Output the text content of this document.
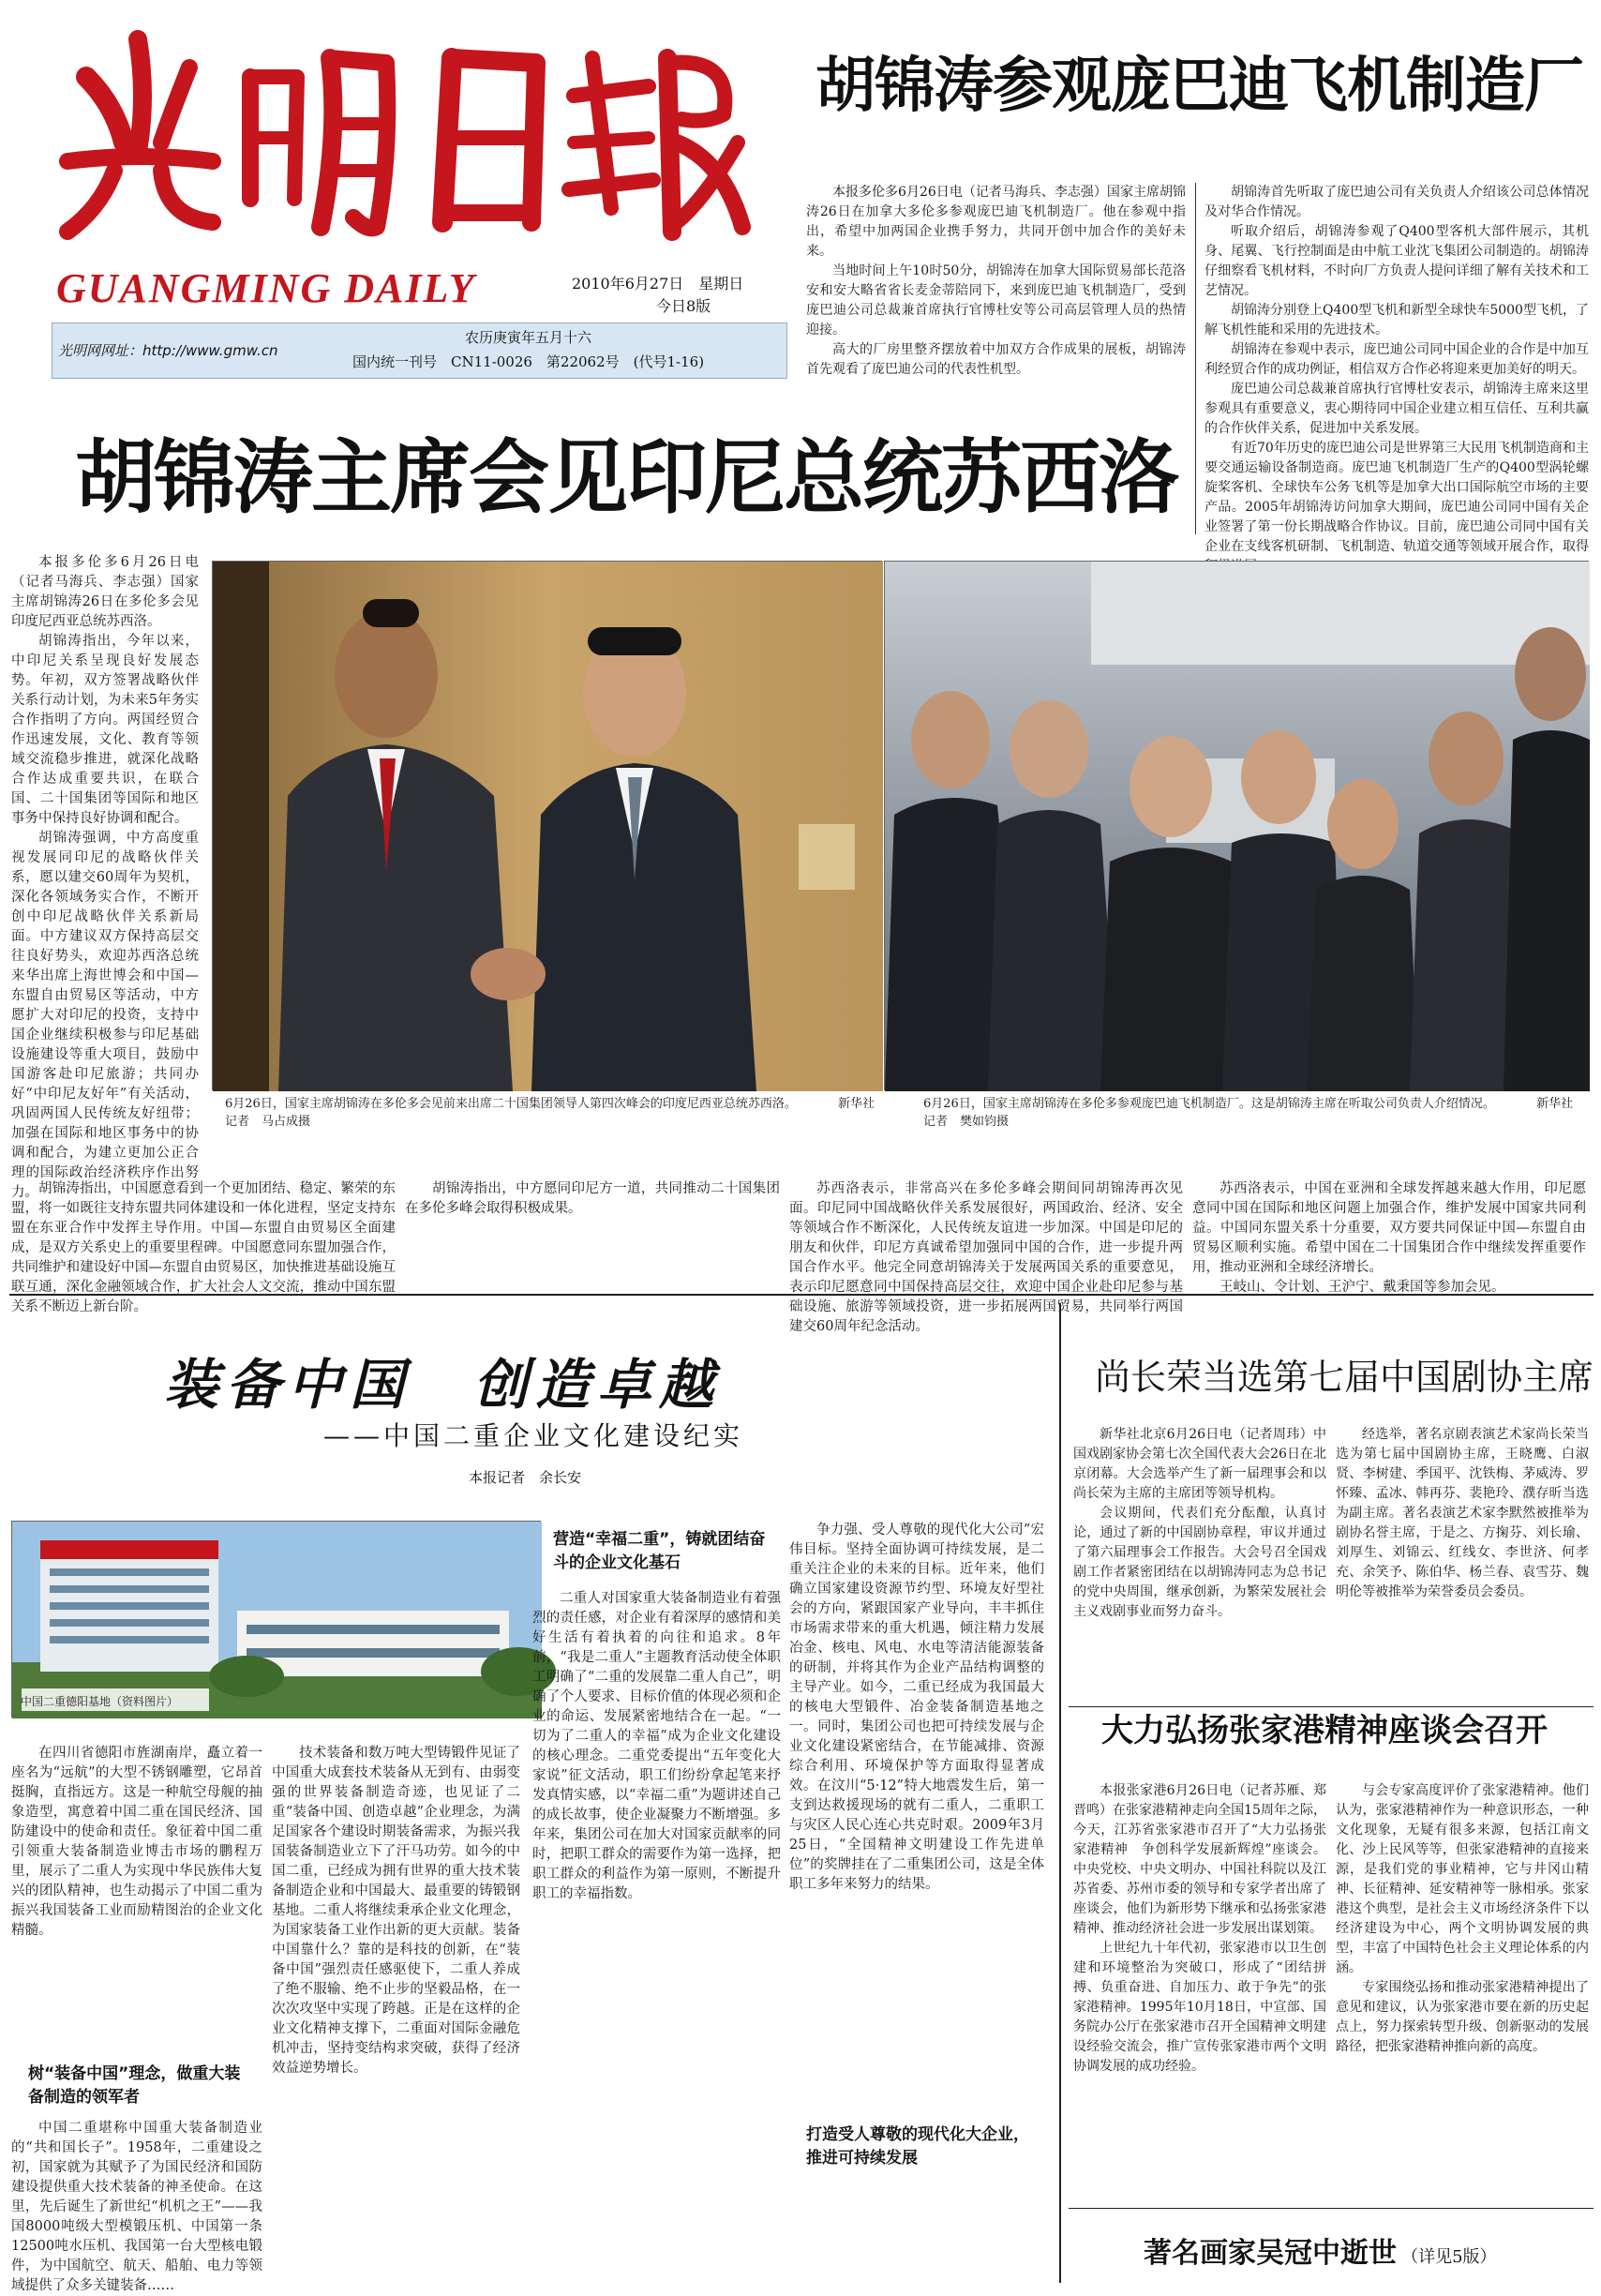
GUANGMING DAILY	2010年6月27日　星期日
今日8版
光明网网址：http://www.gmw.cn
农历庚寅年五月十六
国内统一刊号　CN11-0026　第22062号　(代号1-16)
胡锦涛参观庞巴迪飞机制造厂

本报多伦多6月26日电（记者马海兵、李志强）国家主席胡锦涛26日在加拿大多伦多参观庞巴迪飞机制造厂。他在参观中指出，希望中加两国企业携手努力，共同开创中加合作的美好未来。

当地时间上午10时50分，胡锦涛在加拿大国际贸易部长范洛安和安大略省省长麦金蒂陪同下，来到庞巴迪飞机制造厂，受到庞巴迪公司总裁兼首席执行官博杜安等公司高层管理人员的热情迎接。

高大的厂房里整齐摆放着中加双方合作成果的展板，胡锦涛首先观看了庞巴迪公司的代表性机型。

胡锦涛首先听取了庞巴迪公司有关负责人介绍该公司总体情况及对华合作情况。

听取介绍后，胡锦涛参观了Q400型客机大部件展示，其机身、尾翼、飞行控制面是由中航工业沈飞集团公司制造的。胡锦涛仔细察看飞机材料，不时向厂方负责人提问详细了解有关技术和工艺情况。

胡锦涛分别登上Q400型飞机和新型全球快车5000型飞机，了解飞机性能和采用的先进技术。

胡锦涛在参观中表示，庞巴迪公司同中国企业的合作是中加互利经贸合作的成功例证，相信双方合作必将迎来更加美好的明天。

庞巴迪公司总裁兼首席执行官博杜安表示，胡锦涛主席来这里参观具有重要意义，衷心期待同中国企业建立相互信任、互利共赢的合作伙伴关系，促进加中关系发展。

有近70年历史的庞巴迪公司是世界第三大民用飞机制造商和主要交通运输设备制造商。庞巴迪飞机制造厂生产的Q400型涡轮螺旋桨客机、全球快车公务飞机等是加拿大出口国际航空市场的主要产品。2005年胡锦涛访问加拿大期间，庞巴迪公司同中国有关企业签署了第一份长期战略合作协议。目前，庞巴迪公司同中国有关企业在支线客机研制、飞机制造、轨道交通等领域开展合作，取得

胡锦涛主席会见印尼总统苏西洛

本报多伦多6月26日电（记者马海兵、李志强）国家主席胡锦涛26日在多伦多会见印度尼西亚总统苏西洛。

胡锦涛指出，今年以来，中印尼关系呈现良好发展态势。年初，双方签署战略伙伴关系行动计划，为未来5年务实合作指明了方向。两国经贸合作迅速发展，文化、教育等领域交流稳步推进，就深化战略合作达成重要共识，在联合国、二十国集团等国际和地区事务中保持良好协调和配合。

胡锦涛强调，中方高度重视发展同印尼的战略伙伴关系，愿以建交60周年为契机，深化各领域务实合作，不断开创中印尼战略伙伴关系新局面。中方建议双方保持高层交往良好势头，欢迎苏西洛总统来华出席上海世博会和中国—东盟自由贸易区等活动，中方愿扩大对印尼的投资，支持中国企业继续积极参与印尼基础设施建设等重大项目，鼓励中国游客赴印尼旅游；共同办好“中印尼友好年”有关活动，巩固两国人民传统友好纽带；加强在国际和地区事务中的协调和配合，为建立更加公正合理的国际政治经济秩序作出努力。

6月26日，国家主席胡锦涛在多伦多会见前来出席二十国集团领导人第四次峰会的印度尼西亚总统苏西洛。	新华社记者　马占成摄
6月26日，国家主席胡锦涛在多伦多参观庞巴迪飞机制造厂。这是胡锦涛主席在听取公司负责人介绍情况。	新华社记者　樊如钧摄

胡锦涛指出，中国愿意看到一个更加团结、稳定、繁荣的东盟，将一如既往支持东盟共同体建设和一体化进程，坚定支持东盟在东亚合作中发挥主导作用。中国—东盟自由贸易区全面建成，是双方关系史上的重要里程碑。中国愿意同东盟加强合作，共同维护和建设好中国—东盟自由贸易区，加快推进基础设施互联互通，深化金融领域合作，扩大社会人文交流，推动中国东盟关系不断迈上新台阶。

胡锦涛指出，中方愿同印尼方一道，共同推动二十国集团在多伦多峰会取得积极成果。

苏西洛表示，非常高兴在多伦多峰会期间同胡锦涛再次见面。印尼同中国战略伙伴关系发展很好，两国政治、经济、安全等领域合作不断深化，人民传统友谊进一步加深。中国是印尼的朋友和伙伴，印尼方真诚希望加强同中国的合作，进一步提升两国合作水平。他完全同意胡锦涛关于发展两国关系的重要意见，表示印尼愿意同中国保持高层交往，欢迎中国企业赴印尼参与基础设施、旅游等领域投资，进一步拓展两国贸易，共同举行两国建交60周年纪念活动。

苏西洛表示，中国在亚洲和全球发挥越来越大作用，印尼愿意同中国在国际和地区问题上加强合作，维护发展中国家共同利益。中国同东盟关系十分重要，双方要共同保证中国—东盟自由贸易区顺利实施。希望中国在二十国集团合作中继续发挥重要作用，推动亚洲和全球经济增长。

王岐山、令计划、王沪宁、戴秉国等参加会见。

装备中国　创造卓越
——中国二重企业文化建设纪实
本报记者　余长安
中国二重德阳基地（资料图片）

在四川省德阳市旌湖南岸，矗立着一座名为“远航”的大型不锈钢雕塑，它昂首挺胸，直指远方。这是一种航空母舰的抽象造型，寓意着中国二重在国民经济、国防建设中的使命和责任。象征着中国二重引领重大装备制造业博击市场的鹏程万里，展示了二重人为实现中华民族伟大复兴的团队精神，也生动揭示了中国二重为振兴我国装备工业而励精图治的企业文化精髓。

树“装备中国”理念，做重大装备制造的领军者

中国二重堪称中国重大装备制造业的“共和国长子”。1958年，二重建设之初，国家就为其赋予了为国民经济和国防建设提供重大技术装备的神圣使命。在这里，先后诞生了新世纪“机机之王”——我国8000吨级大型模锻压机、中国第一条12500吨水压机、我国第一台大型核电锻件，为中国航空、航天、船舶、电力等领域提供了众多关键装备……

技术装备和数万吨大型铸锻件见证了中国重大成套技术装备从无到有、由弱变强的世界装备制造奇迹，也见证了二重“装备中国、创造卓越”企业理念，为满足国家各个建设时期装备需求，为振兴我国装备制造业立下了汗马功劳。如今的中国二重，已经成为拥有世界的重大技术装备制造企业和中国最大、最重要的铸锻钢基地。二重人将继续秉承企业文化理念，为国家装备工业作出新的更大贡献。装备中国靠什么？靠的是科技的创新，在“装备中国”强烈责任感驱使下，二重人养成了绝不服输、绝不止步的坚毅品格，在一次次攻坚中实现了跨越。正是在这样的企业文化精神支撑下，二重面对国际金融危机冲击，坚持变结构求突破，获得了经济效益逆势增长。

营造“幸福二重”，铸就团结奋斗的企业文化基石

二重人对国家重大装备制造业有着强烈的责任感，对企业有着深厚的感情和美好生活有着执着的向往和追求。8年前，“我是二重人”主题教育活动使全体职工明确了“二重的发展靠二重人自己”，明确了个人要求、目标价值的体现必须和企业的命运、发展紧密地结合在一起。“一切为了二重人的幸福”成为企业文化建设的核心理念。二重党委提出“五年变化大家说”征文活动，职工们纷纷拿起笔来抒发真情实感，以“幸福二重”为题讲述自己的成长故事，使企业凝聚力不断增强。多年来，集团公司在加大对国家贡献率的同时，把职工群众的需要作为第一选择，把职工群众的利益作为第一原则，不断提升职工的幸福指数。

争力强、受人尊敬的现代化大公司”宏伟目标。坚持全面协调可持续发展，是二重关注企业的未来的目标。近年来，他们确立国家建设资源节约型、环境友好型社会的方向，紧跟国家产业导向，丰丰抓住市场需求带来的重大机遇，倾注精力发展冶金、核电、风电、水电等清洁能源装备的研制，并将其作为企业产品结构调整的主导产业。如今，二重已经成为我国最大的核电大型锻件、冶金装备制造基地之一。同时，集团公司也把可持续发展与企业文化建设紧密结合，在节能减排、资源综合利用、环境保护等方面取得显著成效。在汶川“5·12”特大地震发生后，第一支到达救援现场的就有二重人，二重职工与灾区人民心连心共克时艰。2009年3月25日，“全国精神文明建设工作先进单位”的奖牌挂在了二重集团公司，这是全体职工多年来努力的结果。

打造受人尊敬的现代化大企业，推进可持续发展
尚长荣当选第七届中国剧协主席

新华社北京6月26日电（记者周玮）中国戏剧家协会第七次全国代表大会26日在北京闭幕。大会选举产生了新一届理事会和以尚长荣为主席的主席团等领导机构。

会议期间，代表们充分酝酿，认真讨论，通过了新的中国剧协章程，审议并通过了第六届理事会工作报告。大会号召全国戏剧工作者紧密团结在以胡锦涛同志为总书记的党中央周围，继承创新，为繁荣发展社会主义戏剧事业而努力奋斗。

经选举，著名京剧表演艺术家尚长荣当选为第七届中国剧协主席，王晓鹰、白淑贤、李树建、季国平、沈铁梅、茅威涛、罗怀臻、孟冰、韩再芬、裴艳玲、濮存昕当选为副主席。著名表演艺术家李默然被推举为剧协名誉主席，于是之、方掬芬、刘长瑜、刘厚生、刘锦云、红线女、李世济、何孝充、余笑予、陈伯华、杨兰春、袁雪芬、魏明伦等被推举为荣誉委员会委员。

大力弘扬张家港精神座谈会召开

本报张家港6月26日电（记者苏雁、郑晋鸣）在张家港精神走向全国15周年之际，今天，江苏省张家港市召开了“大力弘扬张家港精神　争创科学发展新辉煌”座谈会。中央党校、中央文明办、中国社科院以及江苏省委、苏州市委的领导和专家学者出席了座谈会，他们为新形势下继承和弘扬张家港精神、推动经济社会进一步发展出谋划策。

上世纪九十年代初，张家港市以卫生创建和环境整治为突破口，形成了“团结拼搏、负重奋进、自加压力、敢于争先”的张家港精神。1995年10月18日，中宣部、国务院办公厅在张家港市召开全国精神文明建设经验交流会，推广宣传张家港市两个文明协调发展的成功经验。

与会专家高度评价了张家港精神。他们认为，张家港精神作为一种意识形态，一种文化现象，无疑有很多来源，包括江南文化、沙上民风等等，但张家港精神的直接来源，是我们党的事业精神，它与井冈山精神、长征精神、延安精神等一脉相承。张家港这个典型，是社会主义市场经济条件下以经济建设为中心，两个文明协调发展的典型，丰富了中国特色社会主义理论体系的内涵。

专家围绕弘扬和推动张家港精神提出了意见和建议，认为张家港市要在新的历史起点上，努力探索转型升级、创新驱动的发展路径，把张家港精神推向新的高度。

著名画家吴冠中逝世 （详见5版）
